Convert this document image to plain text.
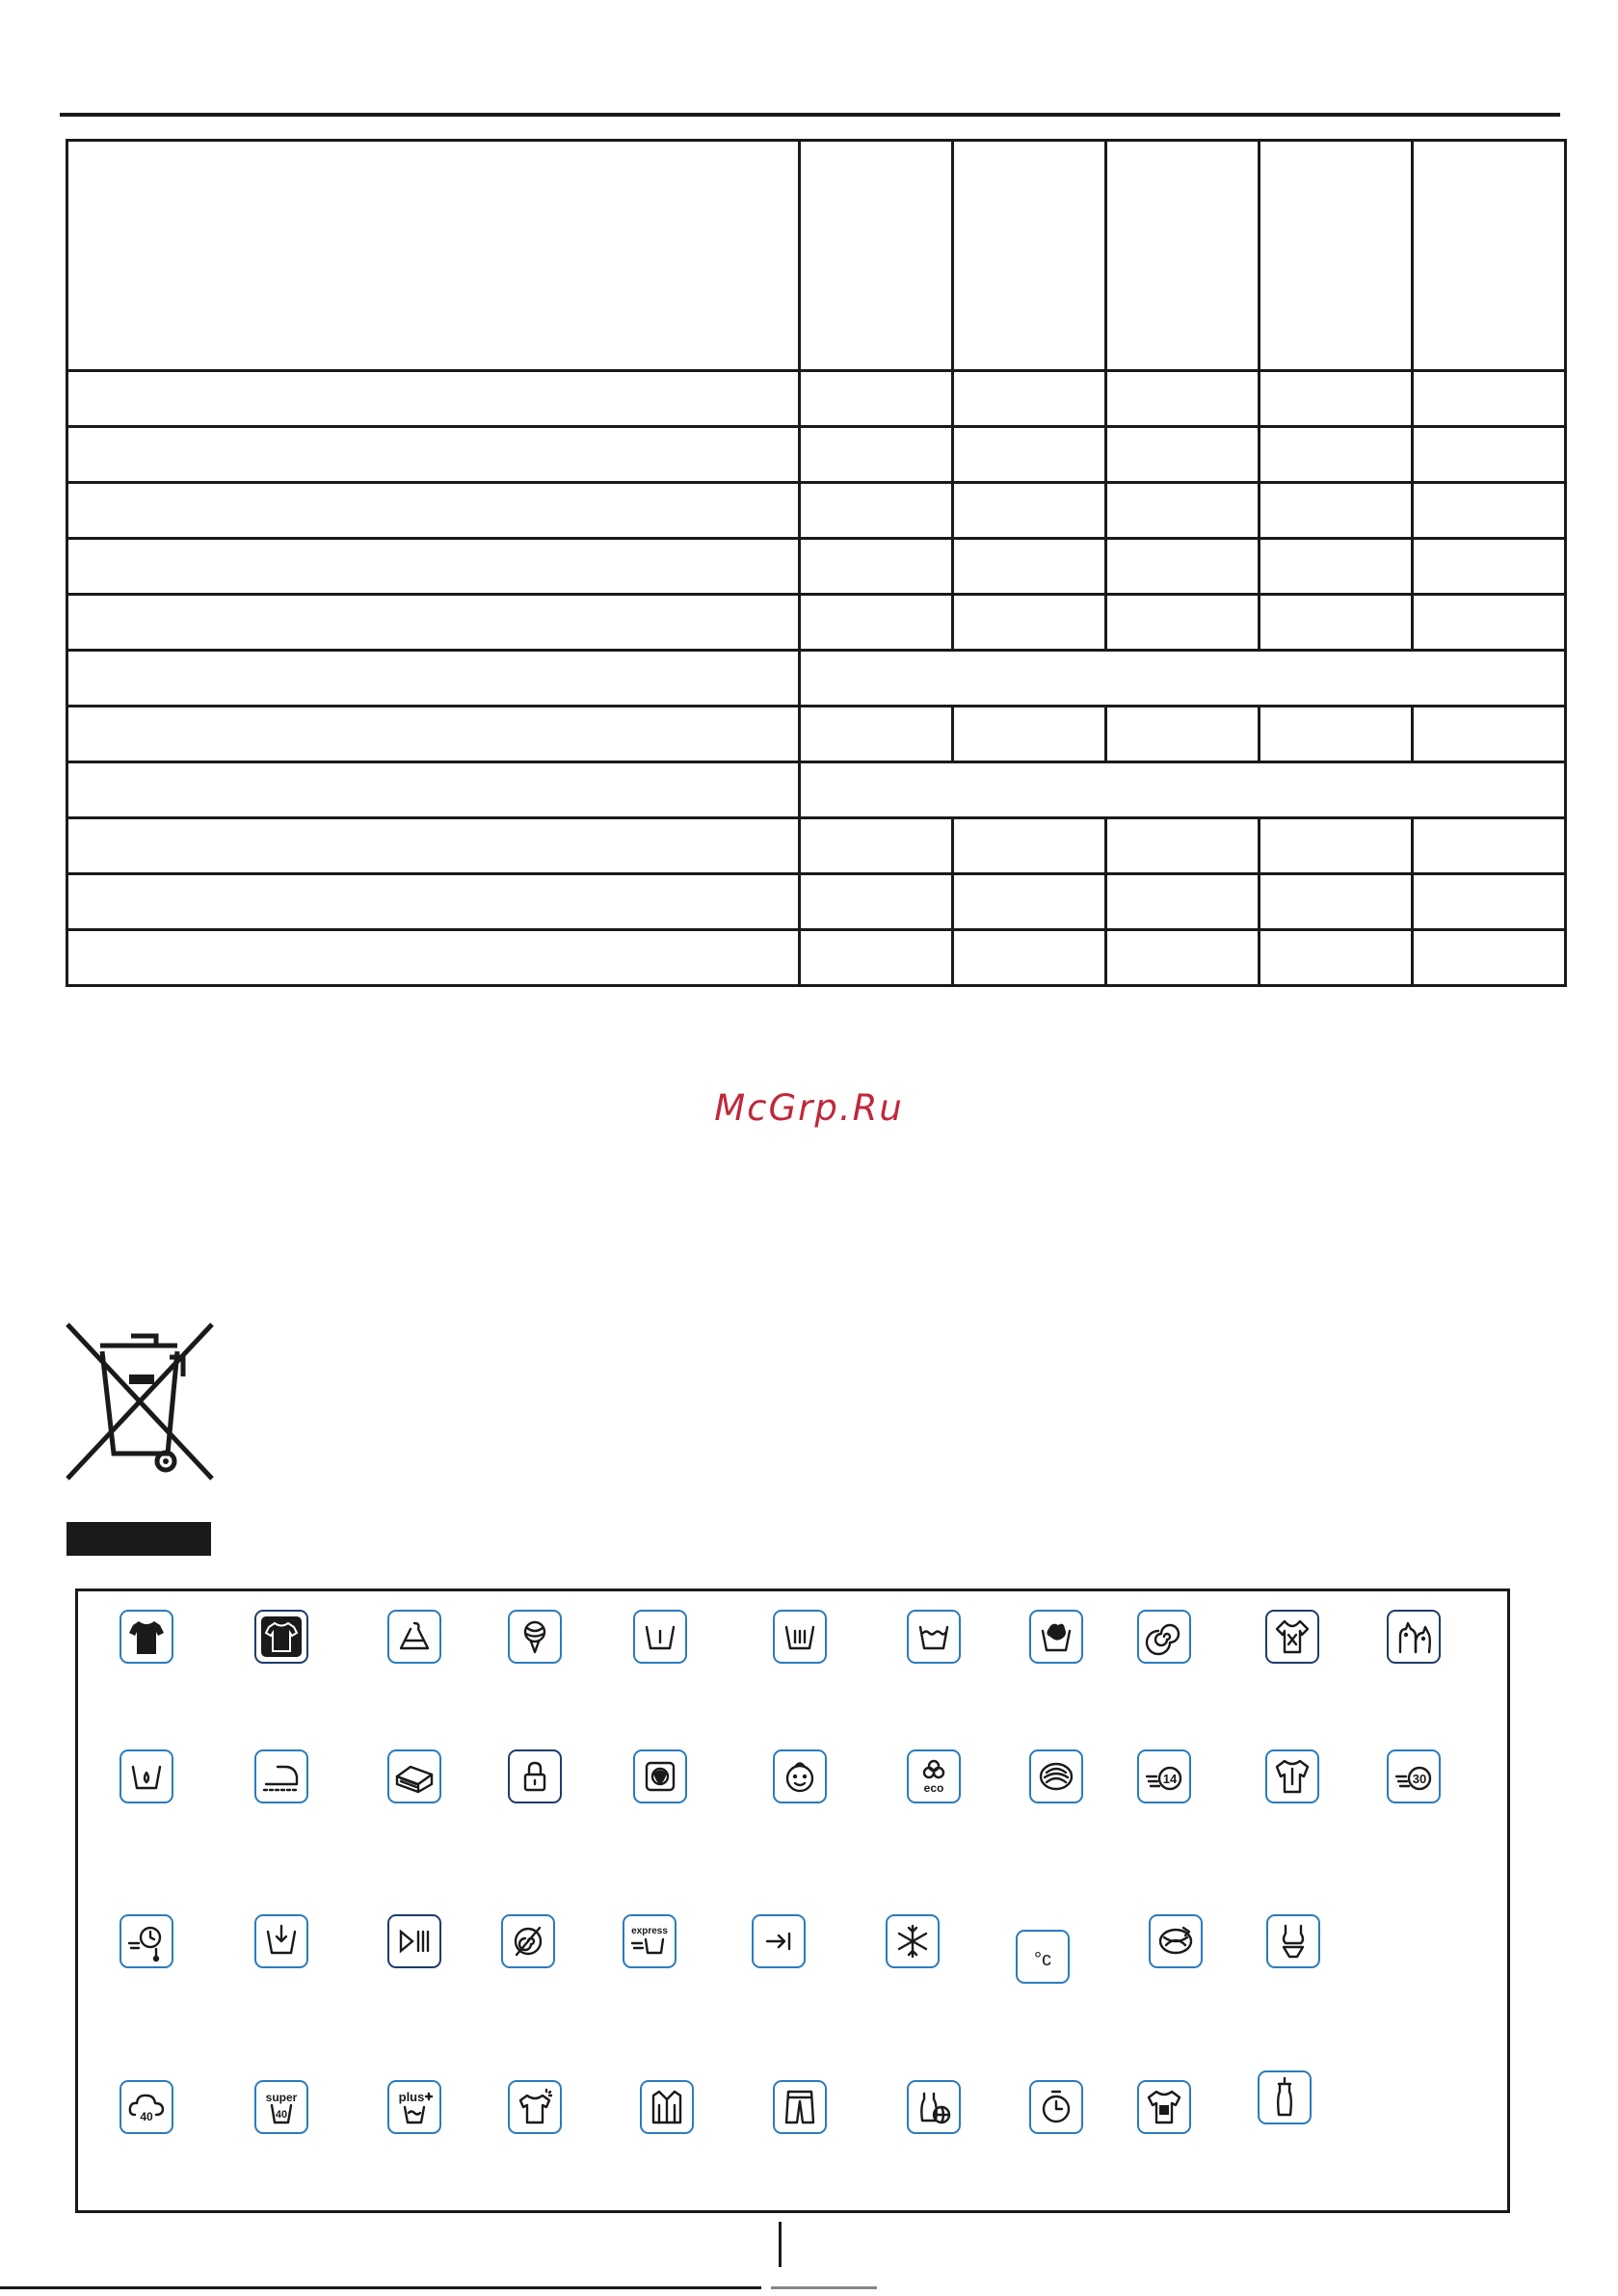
McGrp.Ru
eco
14	30
express
°c
40
super
40
plus
